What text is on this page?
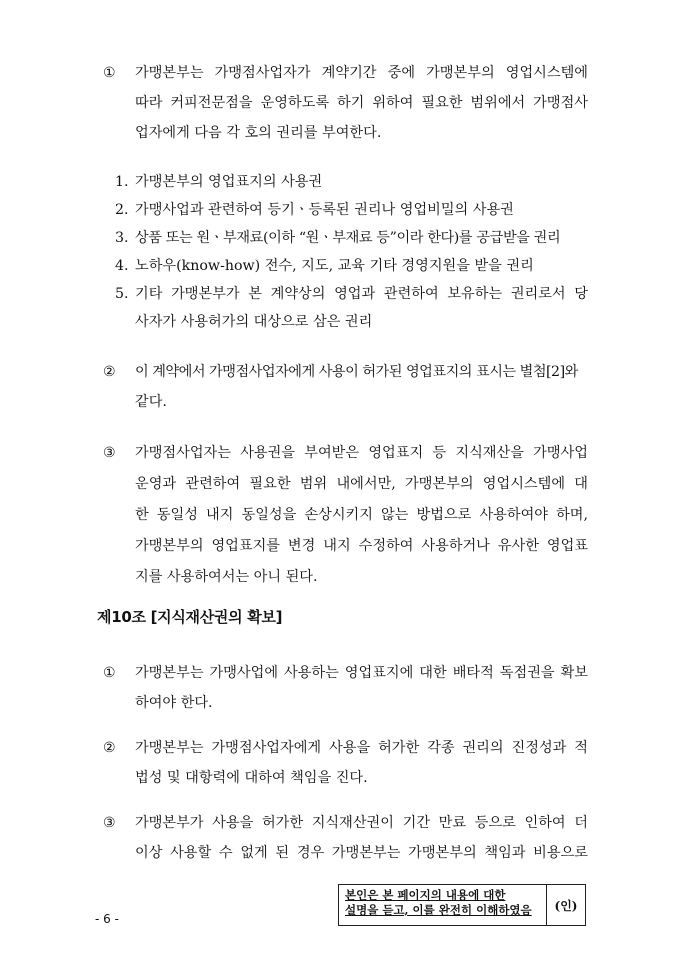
①	가맹본부는 가맹점사업자가 계약기간 중에 가맹본부의 영업시스템에
따라 커피전문점을 운영하도록 하기 위하여 필요한 범위에서 가맹점사
업자에게 다음 각 호의 권리를 부여한다.
1. 가맹본부의 영업표지의 사용권
2. 가맹사업과 관련하여 등기ㆍ등록된 권리나 영업비밀의 사용권
3. 상품 또는 원ㆍ부재료(이하 “원ㆍ부재료 등”이라 한다)를 공급받을 권리
4. 노하우(know-how) 전수, 지도, 교육 기타 경영지원을 받을 권리
5. 기타 가맹본부가 본 계약상의 영업과 관련하여 보유하는 권리로서 당
사자가 사용허가의 대상으로 삼은 권리
②	이 계약에서 가맹점사업자에게 사용이 허가된 영업표지의 표시는 별첨[2]와
같다.
③	가맹점사업자는 사용권을 부여받은 영업표지 등 지식재산을 가맹사업
운영과 관련하여 필요한 범위 내에서만, 가맹본부의 영업시스템에 대
한 동일성 내지 동일성을 손상시키지 않는 방법으로 사용하여야 하며,
가맹본부의 영업표지를 변경 내지 수정하여 사용하거나 유사한 영업표
지를 사용하여서는 아니 된다.
제10조 [지식재산권의 확보]
①	가맹본부는 가맹사업에 사용하는 영업표지에 대한 배타적 독점권을 확보
하여야 한다.
②	가맹본부는 가맹점사업자에게 사용을 허가한 각종 권리의 진정성과 적
법성 및 대항력에 대하여 책임을 진다.
③	가맹본부가 사용을 허가한 지식재산권이 기간 만료 등으로 인하여 더
이상 사용할 수 없게 된 경우 가맹본부는 가맹본부의 책임과 비용으로
본인은 본 페이지의 내용에 대한
설명을 듣고, 이를 완전히 이해하였음	(인)
- 6 -
